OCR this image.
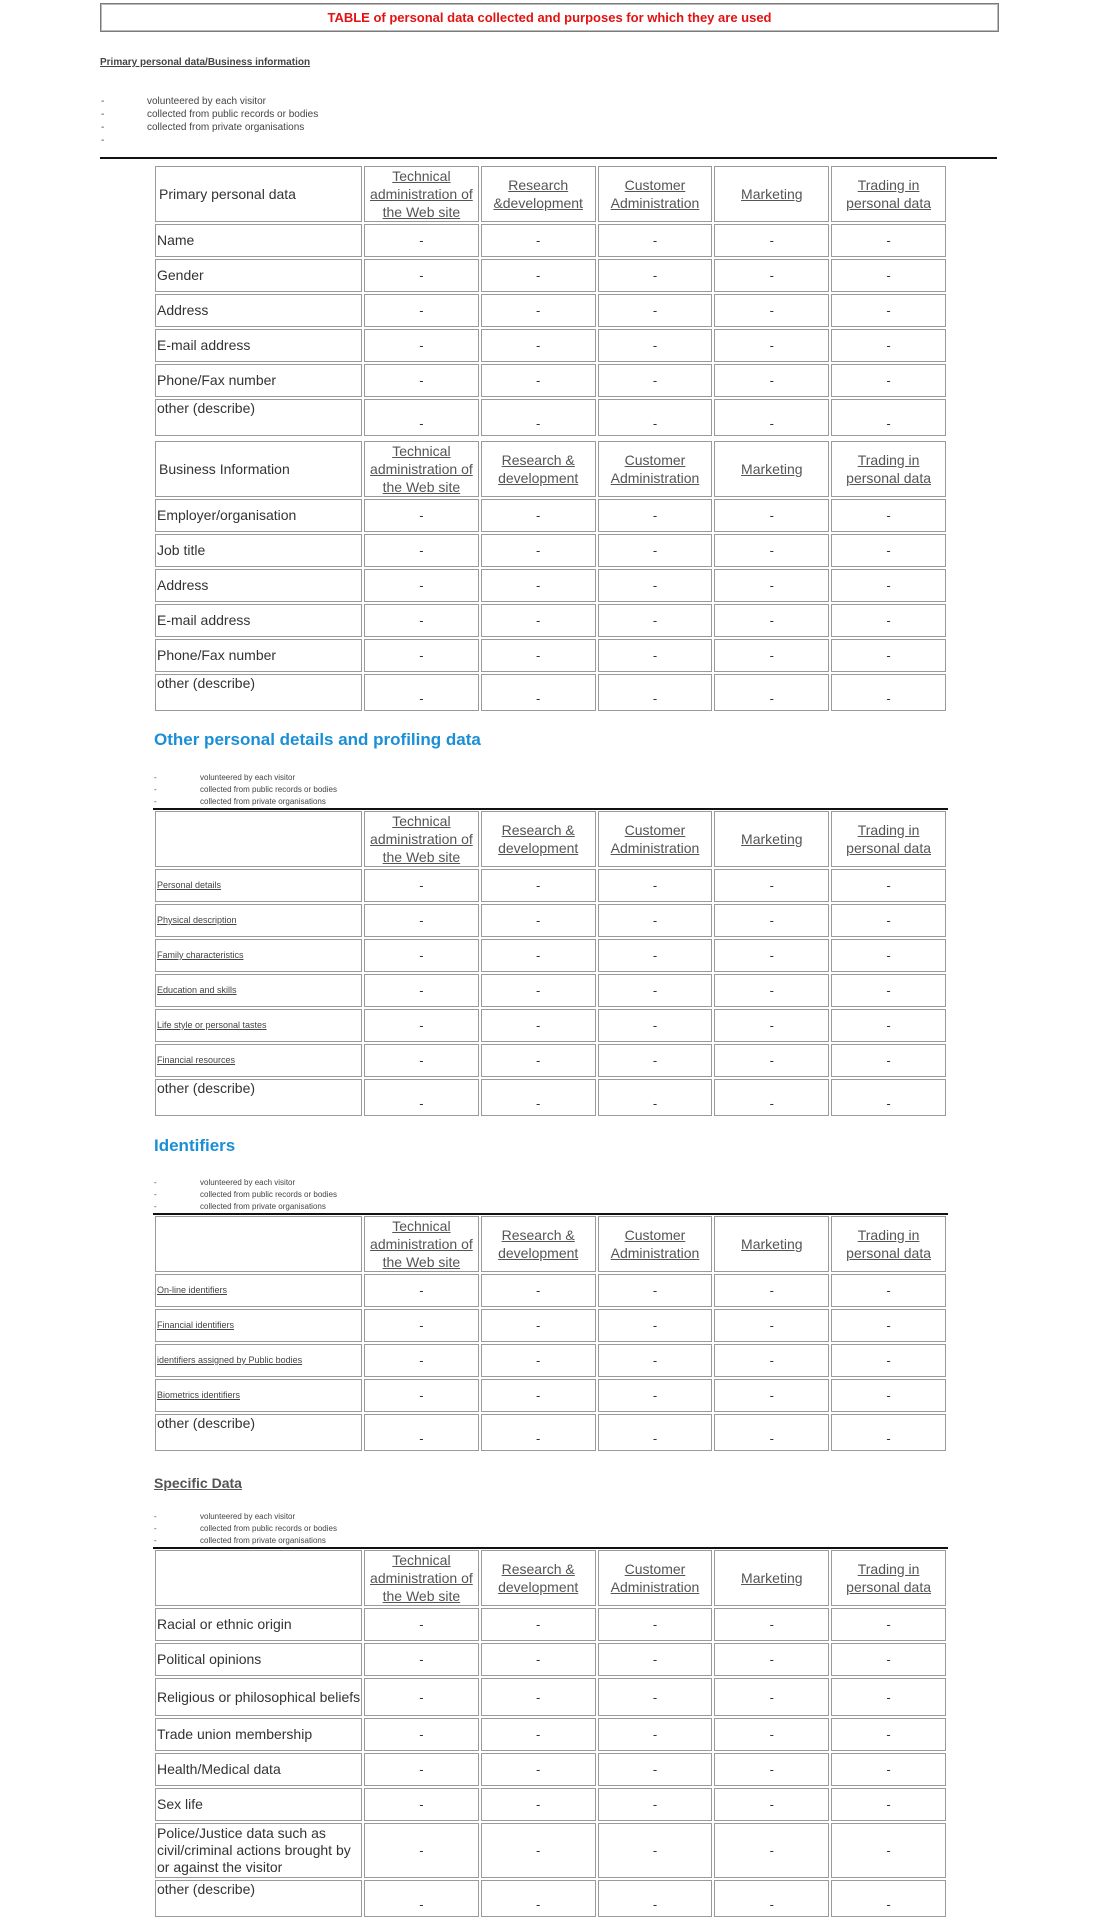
TABLE of personal data collected and purposes for which they are used
Primary personal data/Business information
-	volunteered by each visitor
-	collected from public records or bodies
-	collected from private organisations
-
Primary personal data	Technical administration of the Web site	Research &development	Customer Administration	Marketing	Trading in personal data
Name	-	-	-	-	-
Gender	-	-	-	-	-
Address	-	-	-	-	-
E-mail address	-	-	-	-	-
Phone/Fax number	-	-	-	-	-
other (describe)	-	-	-	-	-
Business Information	Technical administration of the Web site	Research & development	Customer Administration	Marketing	Trading in personal data
Employer/organisation	-	-	-	-	-
Job title	-	-	-	-	-
Address	-	-	-	-	-
E-mail address	-	-	-	-	-
Phone/Fax number	-	-	-	-	-
other (describe)	-	-	-	-	-
Other personal details and profiling data
-	volunteered by each visitor
-	collected from public records or bodies
-	collected from private organisations
	Technical administration of the Web site	Research & development	Customer Administration	Marketing	Trading in personal data
Personal details	-	-	-	-	-
Physical description	-	-	-	-	-
Family characteristics	-	-	-	-	-
Education and skills	-	-	-	-	-
Life style or personal tastes	-	-	-	-	-
Financial resources	-	-	-	-	-
other (describe)	-	-	-	-	-
Identifiers
-	volunteered by each visitor
-	collected from public records or bodies
-	collected from private organisations
	Technical administration of the Web site	Research & development	Customer Administration	Marketing	Trading in personal data
On-line identifiers	-	-	-	-	-
Financial identifiers	-	-	-	-	-
identifiers assigned by Public bodies	-	-	-	-	-
Biometrics identifiers	-	-	-	-	-
other (describe)	-	-	-	-	-
Specific Data
-	volunteered by each visitor
-	collected from public records or bodies
-	collected from private organisations
	Technical administration of the Web site	Research & development	Customer Administration	Marketing	Trading in personal data
Racial or ethnic origin	-	-	-	-	-
Political opinions	-	-	-	-	-
Religious or philosophical beliefs	-	-	-	-	-
Trade union membership	-	-	-	-	-
Health/Medical data	-	-	-	-	-
Sex life	-	-	-	-	-
Police/Justice data such as civil/criminal actions brought by or against the visitor	-	-	-	-	-
other (describe)	-	-	-	-	-
